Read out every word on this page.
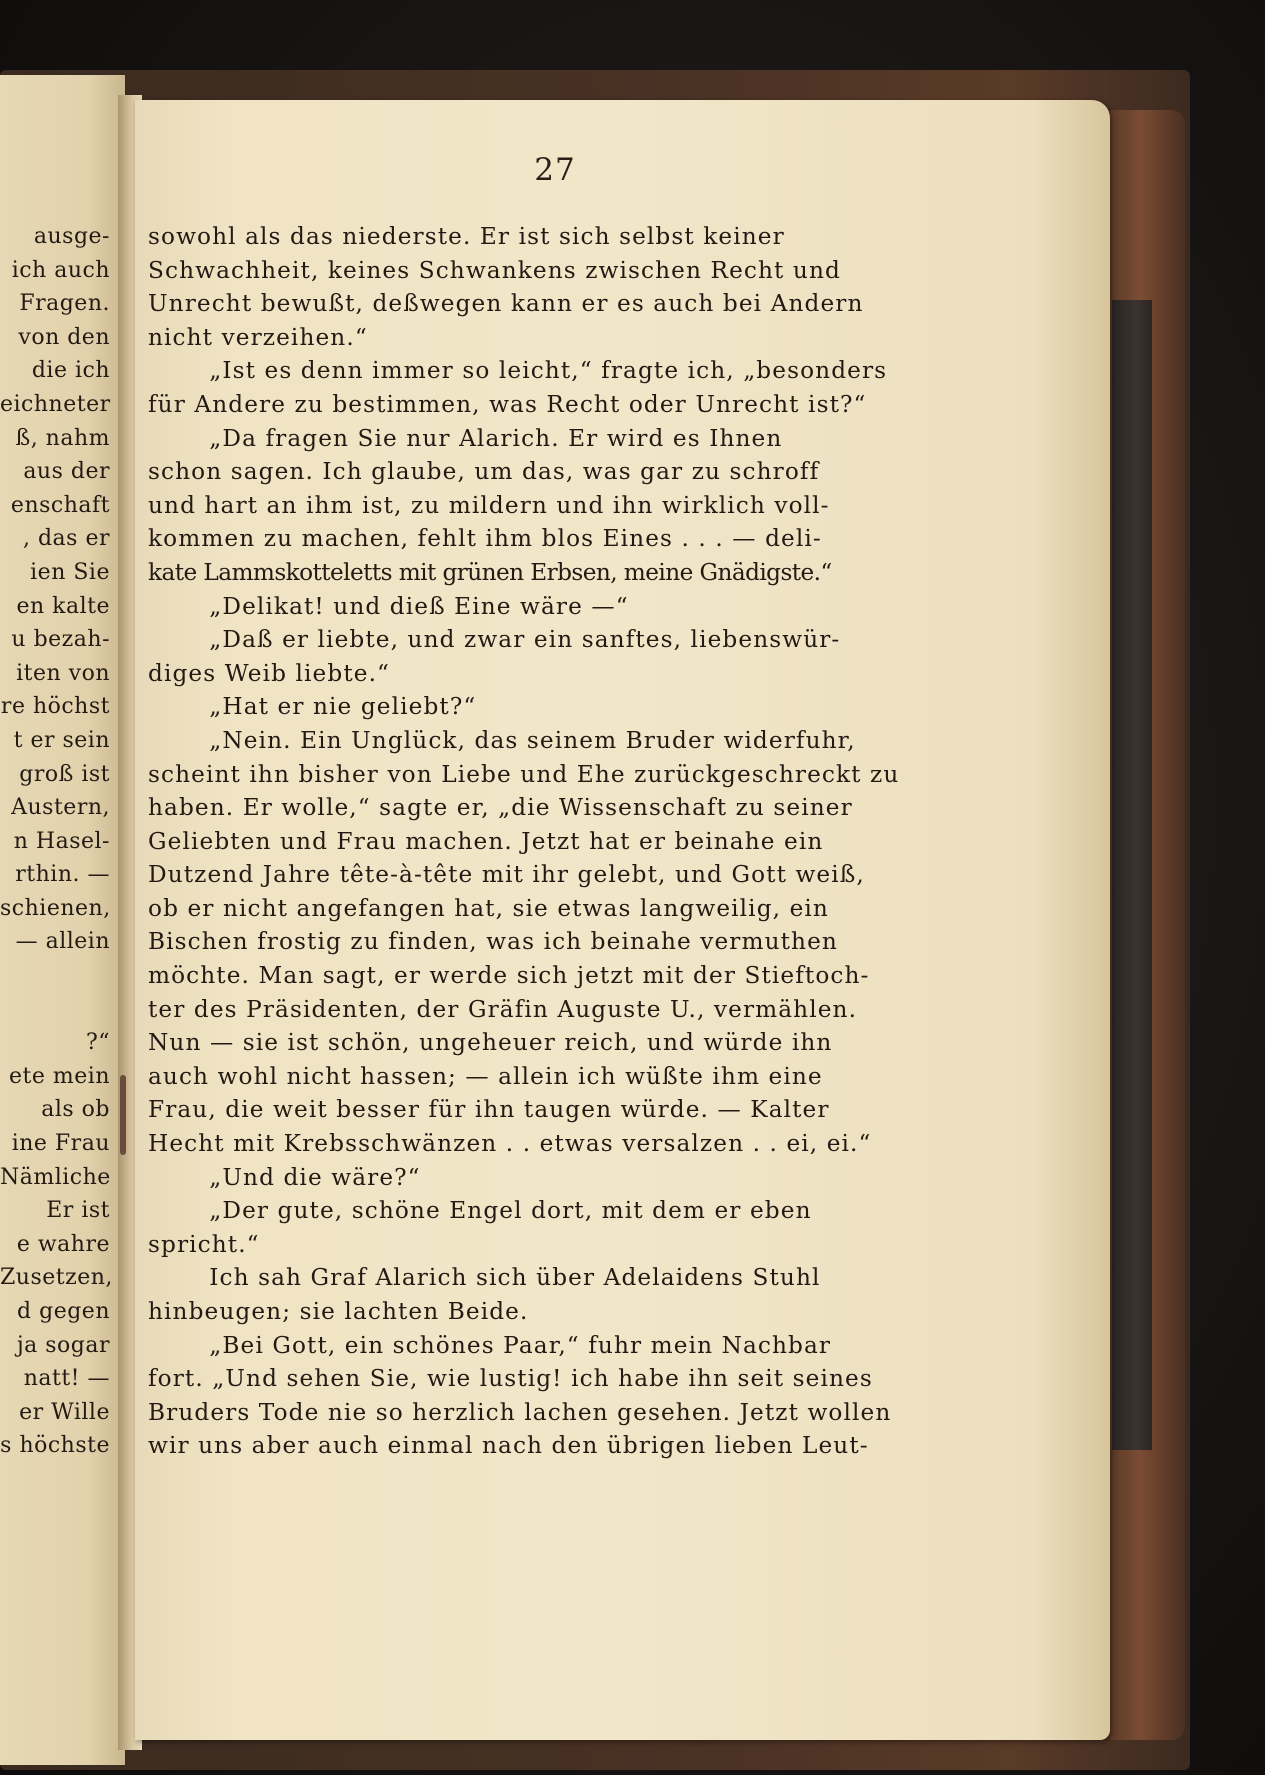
ausge-
ich auch
Fragen.
von den
die ich
eichneter
ß, nahm
aus der
enschaft
, das er
ien Sie
en kalte
u bezah-
iten von
re höchst
t er sein
groß ist
Austern,
n Hasel-
rthin. —
schienen,
— allein
?“
ete mein
als ob
ine Frau
Nämliche
Er ist
e wahre
Zusetzen,
d gegen
ja sogar
natt! —
er Wille
s höchste
27
sowohl als das niederste. Er ist sich selbst keiner
Schwachheit, keines Schwankens zwischen Recht und
Unrecht bewußt, deßwegen kann er es auch bei Andern
nicht verzeihen.“
„Ist es denn immer so leicht,“ fragte ich, „besonders
für Andere zu bestimmen, was Recht oder Unrecht ist?“
„Da fragen Sie nur Alarich. Er wird es Ihnen
schon sagen. Ich glaube, um das, was gar zu schroff
und hart an ihm ist, zu mildern und ihn wirklich voll-
kommen zu machen, fehlt ihm blos Eines . . . — deli-
kate Lammskotteletts mit grünen Erbsen, meine Gnädigste.“
„Delikat! und dieß Eine wäre —“
„Daß er liebte, und zwar ein sanftes, liebenswür-
diges Weib liebte.“
„Hat er nie geliebt?“
„Nein. Ein Unglück, das seinem Bruder widerfuhr,
scheint ihn bisher von Liebe und Ehe zurückgeschreckt zu
haben. Er wolle,“ sagte er, „die Wissenschaft zu seiner
Geliebten und Frau machen. Jetzt hat er beinahe ein
Dutzend Jahre tête-à-tête mit ihr gelebt, und Gott weiß,
ob er nicht angefangen hat, sie etwas langweilig, ein
Bischen frostig zu finden, was ich beinahe vermuthen
möchte. Man sagt, er werde sich jetzt mit der Stieftoch-
ter des Präsidenten, der Gräfin Auguste U., vermählen.
Nun — sie ist schön, ungeheuer reich, und würde ihn
auch wohl nicht hassen; — allein ich wüßte ihm eine
Frau, die weit besser für ihn taugen würde. — Kalter
Hecht mit Krebsschwänzen . . etwas versalzen . . ei, ei.“
„Und die wäre?“
„Der gute, schöne Engel dort, mit dem er eben
spricht.“
Ich sah Graf Alarich sich über Adelaidens Stuhl
hinbeugen; sie lachten Beide.
„Bei Gott, ein schönes Paar,“ fuhr mein Nachbar
fort. „Und sehen Sie, wie lustig! ich habe ihn seit seines
Bruders Tode nie so herzlich lachen gesehen. Jetzt wollen
wir uns aber auch einmal nach den übrigen lieben Leut-
